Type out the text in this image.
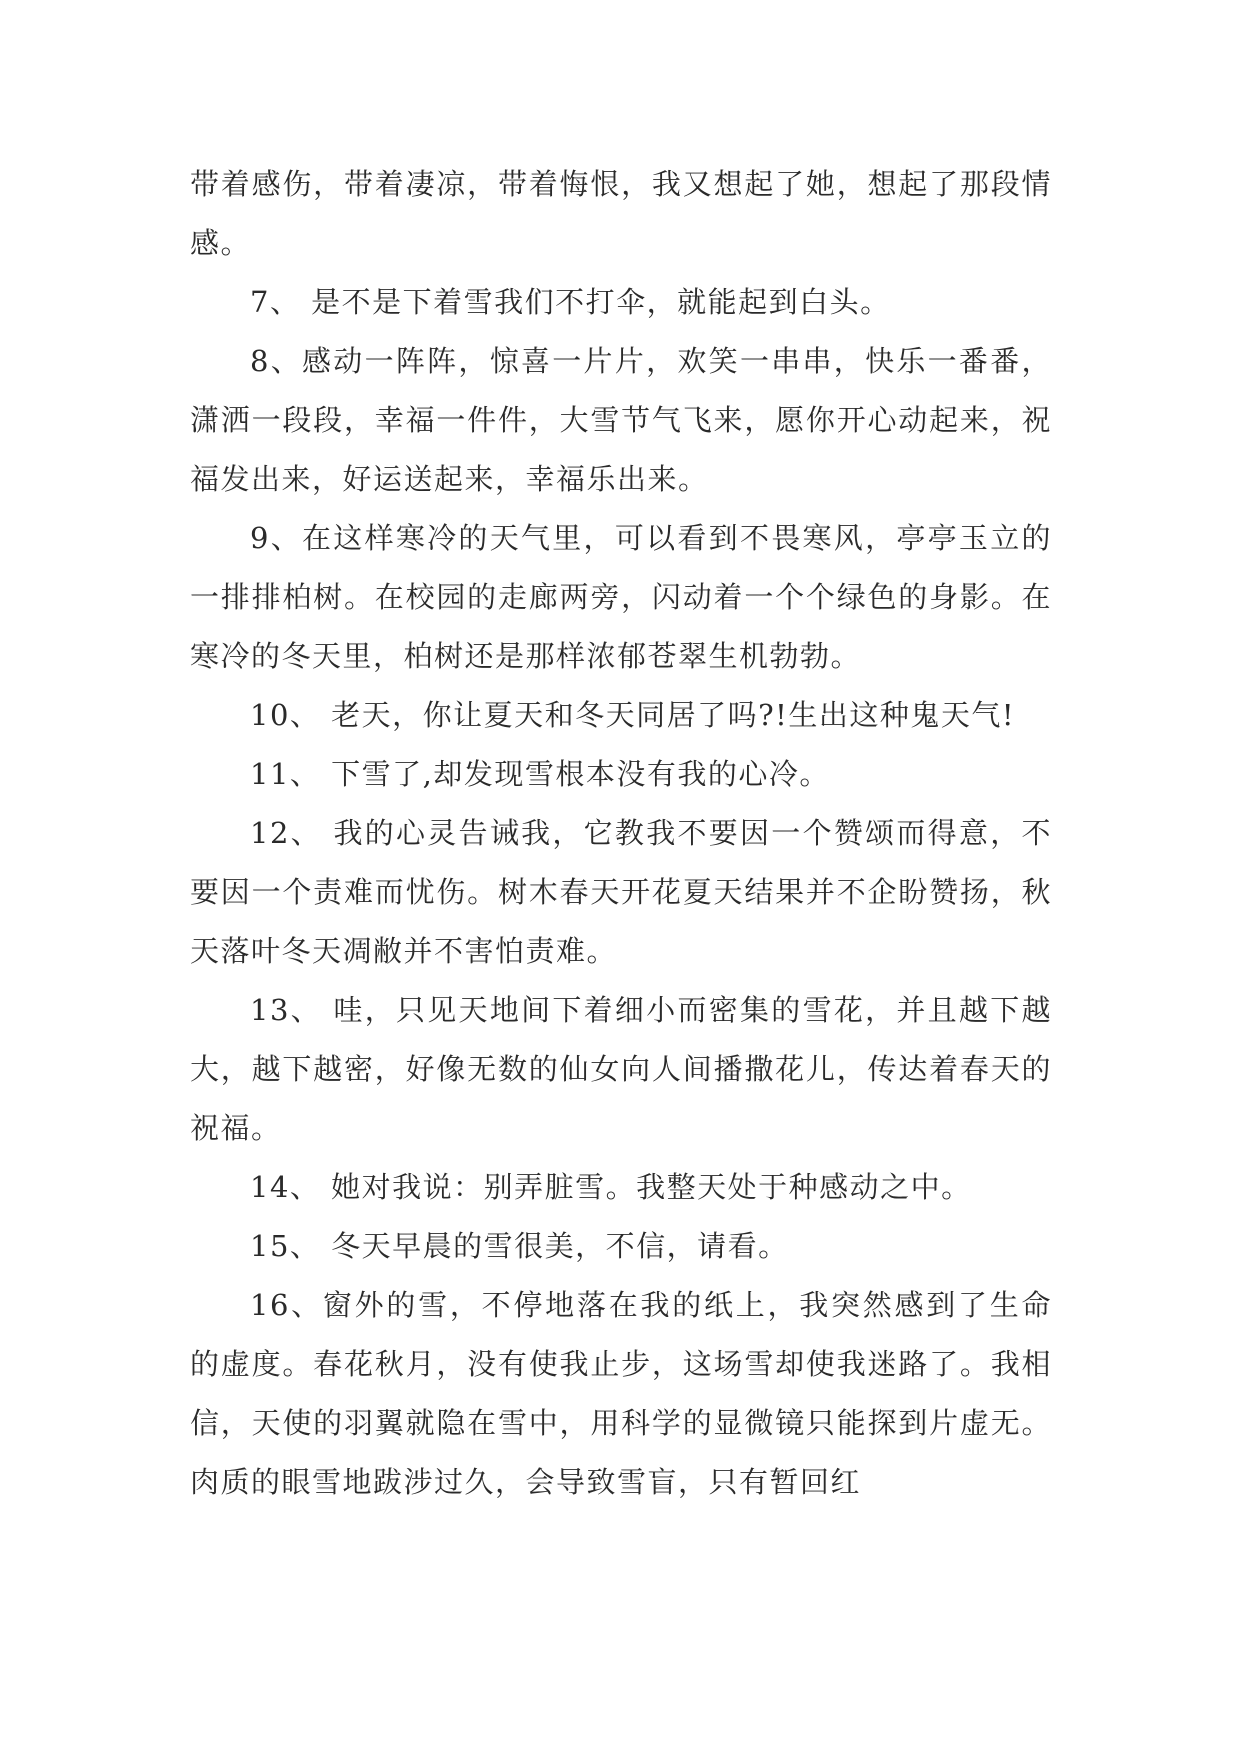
带着感伤，带着凄凉，带着悔恨，我又想起了她，想起了那段情感。

7、 是不是下着雪我们不打伞，就能起到白头。

8、感动一阵阵，惊喜一片片，欢笑一串串，快乐一番番，潇洒一段段，幸福一件件，大雪节气飞来，愿你开心动起来，祝福发出来，好运送起来，幸福乐出来。

9、在这样寒冷的天气里，可以看到不畏寒风，亭亭玉立的一排排柏树。在校园的走廊两旁，闪动着一个个绿色的身影。在寒冷的冬天里，柏树还是那样浓郁苍翠生机勃勃。

10、 老天，你让夏天和冬天同居了吗?!生出这种鬼天气!

11、 下雪了,却发现雪根本没有我的心冷。

12、 我的心灵告诫我，它教我不要因一个赞颂而得意，不要因一个责难而忧伤。树木春天开花夏天结果并不企盼赞扬，秋天落叶冬天凋敝并不害怕责难。

13、 哇，只见天地间下着细小而密集的雪花，并且越下越大，越下越密，好像无数的仙女向人间播撒花儿，传达着春天的祝福。

14、 她对我说：别弄脏雪。我整天处于种感动之中。

15、 冬天早晨的雪很美，不信，请看。

16、窗外的雪，不停地落在我的纸上，我突然感到了生命的虚度。春花秋月，没有使我止步，这场雪却使我迷路了。我相信，天使的羽翼就隐在雪中，用科学的显微镜只能探到片虚无。肉质的眼雪地跋涉过久，会导致雪盲，只有暂回红
